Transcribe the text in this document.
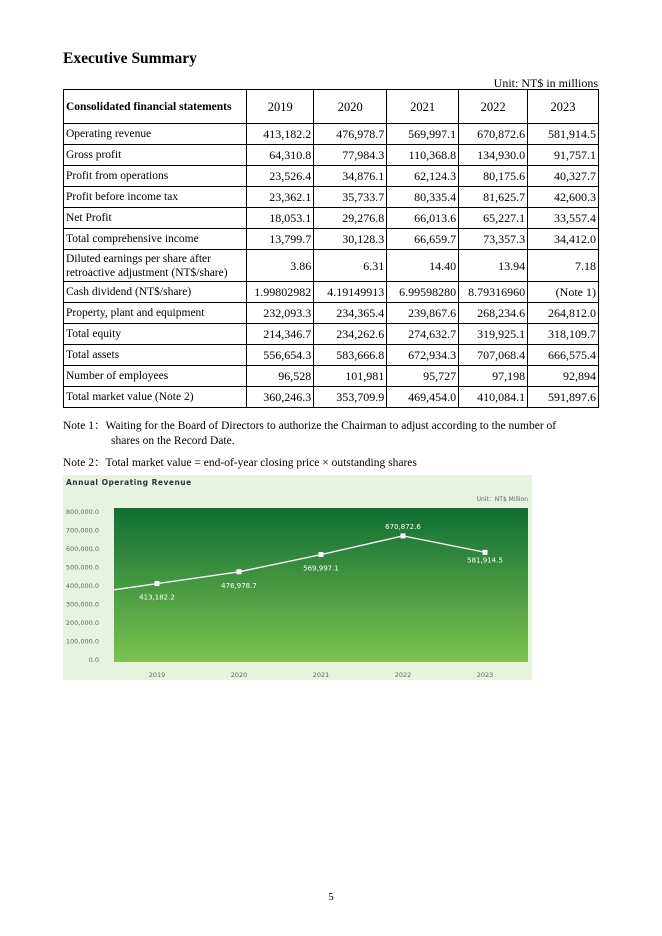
Executive Summary
Unit: NT$ in millions
Consolidated financial statements	2019	2020	2021	2022	2023
Operating revenue	413,182.2	476,978.7	569,997.1	670,872.6	581,914.5
Gross profit	64,310.8	77,984.3	110,368.8	134,930.0	91,757.1
Profit from operations	23,526.4	34,876.1	62,124.3	80,175.6	40,327.7
Profit before income tax	23,362.1	35,733.7	80,335.4	81,625.7	42,600.3
Net Profit	18,053.1	29,276.8	66,013.6	65,227.1	33,557.4
Total comprehensive income	13,799.7	30,128.3	66,659.7	73,357.3	34,412.0
Diluted earnings per share after retroactive adjustment (NT$/share)	3.86	6.31	14.40	13.94	7.18
Cash dividend (NT$/share)	1.99802982	4.19149913	6.99598280	8.79316960	(Note 1)
Property, plant and equipment	232,093.3	234,365.4	239,867.6	268,234.6	264,812.0
Total equity	214,346.7	234,262.6	274,632.7	319,925.1	318,109.7
Total assets	556,654.3	583,666.8	672,934.3	707,068.4	666,575.4
Number of employees	96,528	101,981	95,727	97,198	92,894
Total market value (Note 2)	360,246.3	353,709.9	469,454.0	410,084.1	591,897.6
Note 1：Waiting for the Board of Directors to authorize the Chairman to adjust according to the number of
shares on the Record Date.
Note 2：Total market value = end-of-year closing price × outstanding shares
Annual Operating Revenue
Unit：NT$ Million
0.0
100,000.0
200,000.0
300,000.0
400,000.0
500,000.0
600,000.0
700,000.0
800,000.0
2019	2020	2021	2022	2023
413,182.2
476,978.7
569,997.1
670,872.6
581,914.5
5
